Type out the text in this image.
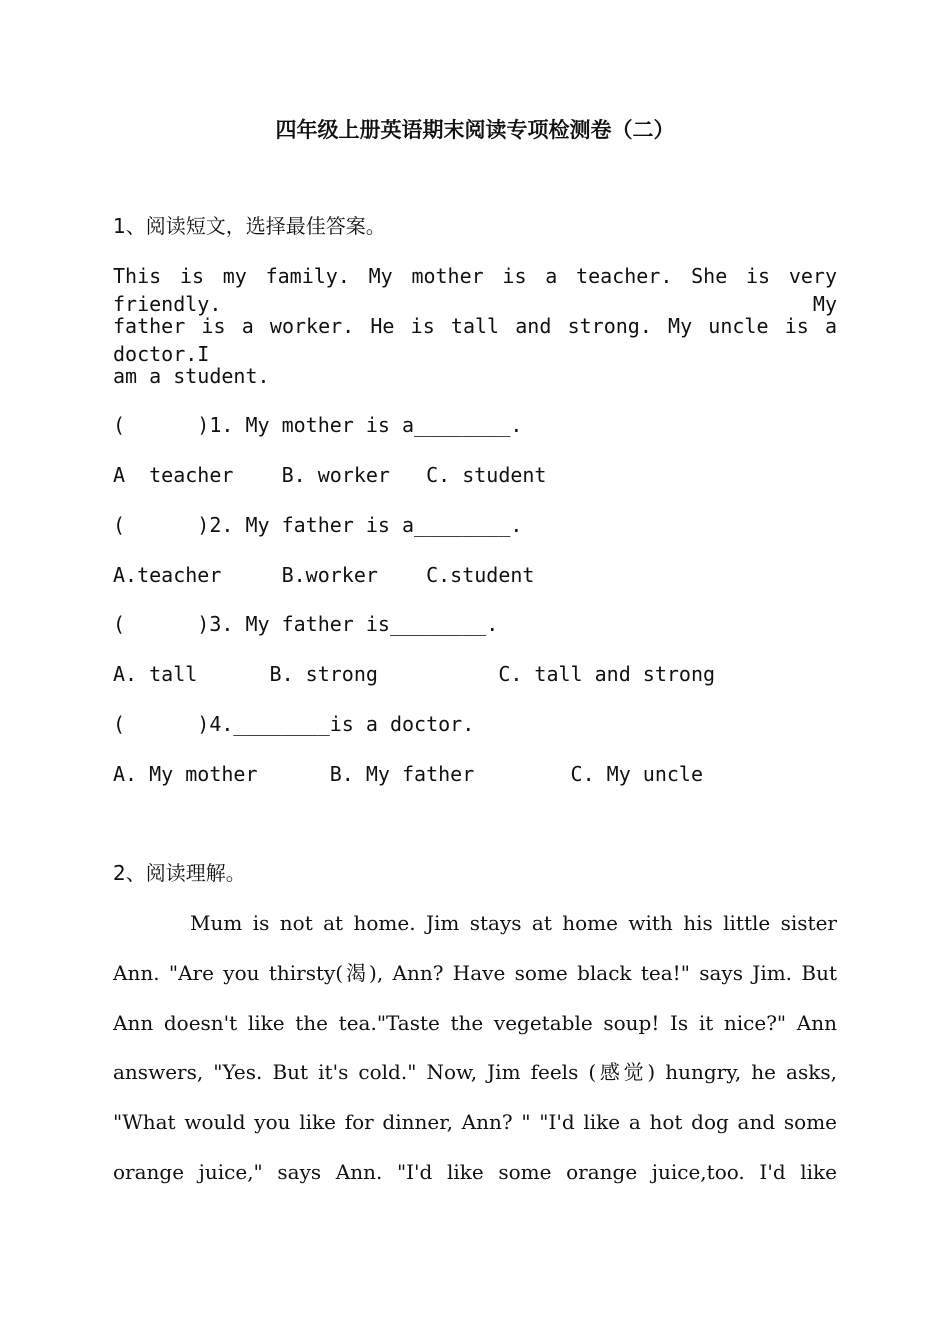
四年级上册英语期末阅读专项检测卷（二）
1、阅读短文，选择最佳答案。
This is my family. My mother is a teacher. She is very friendly. My
father is a worker. He is tall and strong. My uncle is a doctor.I
am a student.
(      )1. My mother is a________.
A  teacher    B. worker   C. student
(      )2. My father is a________.
A.teacher     B.worker    C.student
(      )3. My father is________.
A. tall      B. strong          C. tall and strong
(      )4.________is a doctor.
A. My mother      B. My father        C. My uncle
2、阅读理解。
Mum is not at home. Jim stays at home with his little sister
Ann. "Are you thirsty(渴), Ann? Have some black tea!" says Jim. But
Ann doesn't like the tea."Taste the vegetable soup! Is it nice?" Ann
answers, "Yes. But it's cold." Now, Jim feels (感觉) hungry, he asks,
"What would you like for dinner, Ann? " "I'd like a hot dog and some
orange juice," says Ann. "I'd like some orange juice,too. I'd like
